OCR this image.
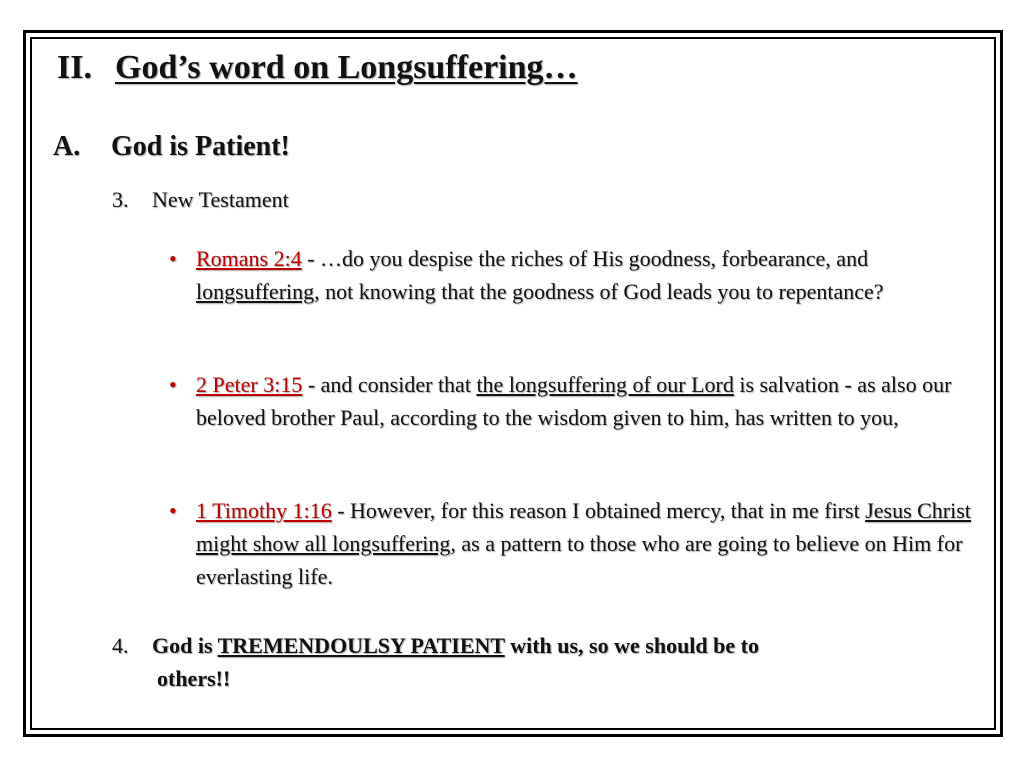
II. God’s word on Longsuffering…
A. God is Patient!
3. New Testament
• Romans 2:4 - …do you despise the riches of His goodness, forbearance, and longsuffering, not knowing that the goodness of God leads you to repentance?
• 2 Peter 3:15 - and consider that the longsuffering of our Lord is salvation - as also our beloved brother Paul, according to the wisdom given to him, has written to you,
• 1 Timothy 1:16 - However, for this reason I obtained mercy, that in me first Jesus Christ might show all longsuffering, as a pattern to those who are going to believe on Him for everlasting life.
4. God is TREMENDOULSY PATIENT with us, so we should be to
others!!
